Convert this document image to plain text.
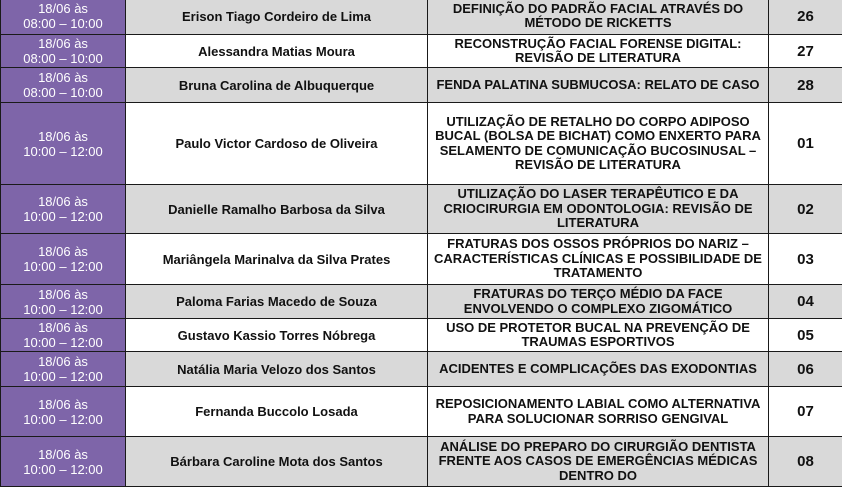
18/06 às
08:00 – 10:00	Erison Tiago Cordeiro de Lima	DEFINIÇÃO DO PADRÃO FACIAL ATRAVÉS DO MÉTODO DE RICKETTS	26

18/06 às
08:00 – 10:00	Alessandra Matias Moura	RECONSTRUÇÃO FACIAL FORENSE DIGITAL: REVISÃO DE LITERATURA	27

18/06 às
08:00 – 10:00	Bruna Carolina de Albuquerque	FENDA PALATINA SUBMUCOSA: RELATO DE CASO	28

18/06 às
10:00 – 12:00	Paulo Victor Cardoso de Oliveira	UTILIZAÇÃO DE RETALHO DO CORPO ADIPOSO BUCAL (BOLSA DE BICHAT) COMO ENXERTO PARA SELAMENTO DE COMUNICAÇÃO BUCOSINUSAL – REVISÃO DE LITERATURA	01

18/06 às
10:00 – 12:00	Danielle Ramalho Barbosa da Silva	UTILIZAÇÃO DO LASER TERAPÊUTICO E DA CRIOCIRURGIA EM ODONTOLOGIA: REVISÃO DE LITERATURA	02

18/06 às
10:00 – 12:00	Mariângela Marinalva da Silva Prates	FRATURAS DOS OSSOS PRÓPRIOS DO NARIZ – CARACTERÍSTICAS CLÍNICAS E POSSIBILIDADE DE TRATAMENTO	03

18/06 às
10:00 – 12:00	Paloma Farias Macedo de Souza	FRATURAS DO TERÇO MÉDIO DA FACE ENVOLVENDO O COMPLEXO ZIGOMÁTICO	04

18/06 às
10:00 – 12:00	Gustavo Kassio Torres Nóbrega	USO DE PROTETOR BUCAL NA PREVENÇÃO DE TRAUMAS ESPORTIVOS	05

18/06 às
10:00 – 12:00	Natália Maria Velozo dos Santos	ACIDENTES E COMPLICAÇÕES DAS EXODONTIAS	06

18/06 às
10:00 – 12:00	Fernanda Buccolo Losada	REPOSICIONAMENTO LABIAL COMO ALTERNATIVA PARA SOLUCIONAR SORRISO GENGIVAL	07

18/06 às
10:00 – 12:00	Bárbara Caroline Mota dos Santos	ANÁLISE DO PREPARO DO CIRURGIÃO DENTISTA FRENTE AOS CASOS DE EMERGÊNCIAS MÉDICAS DENTRO DO	08
